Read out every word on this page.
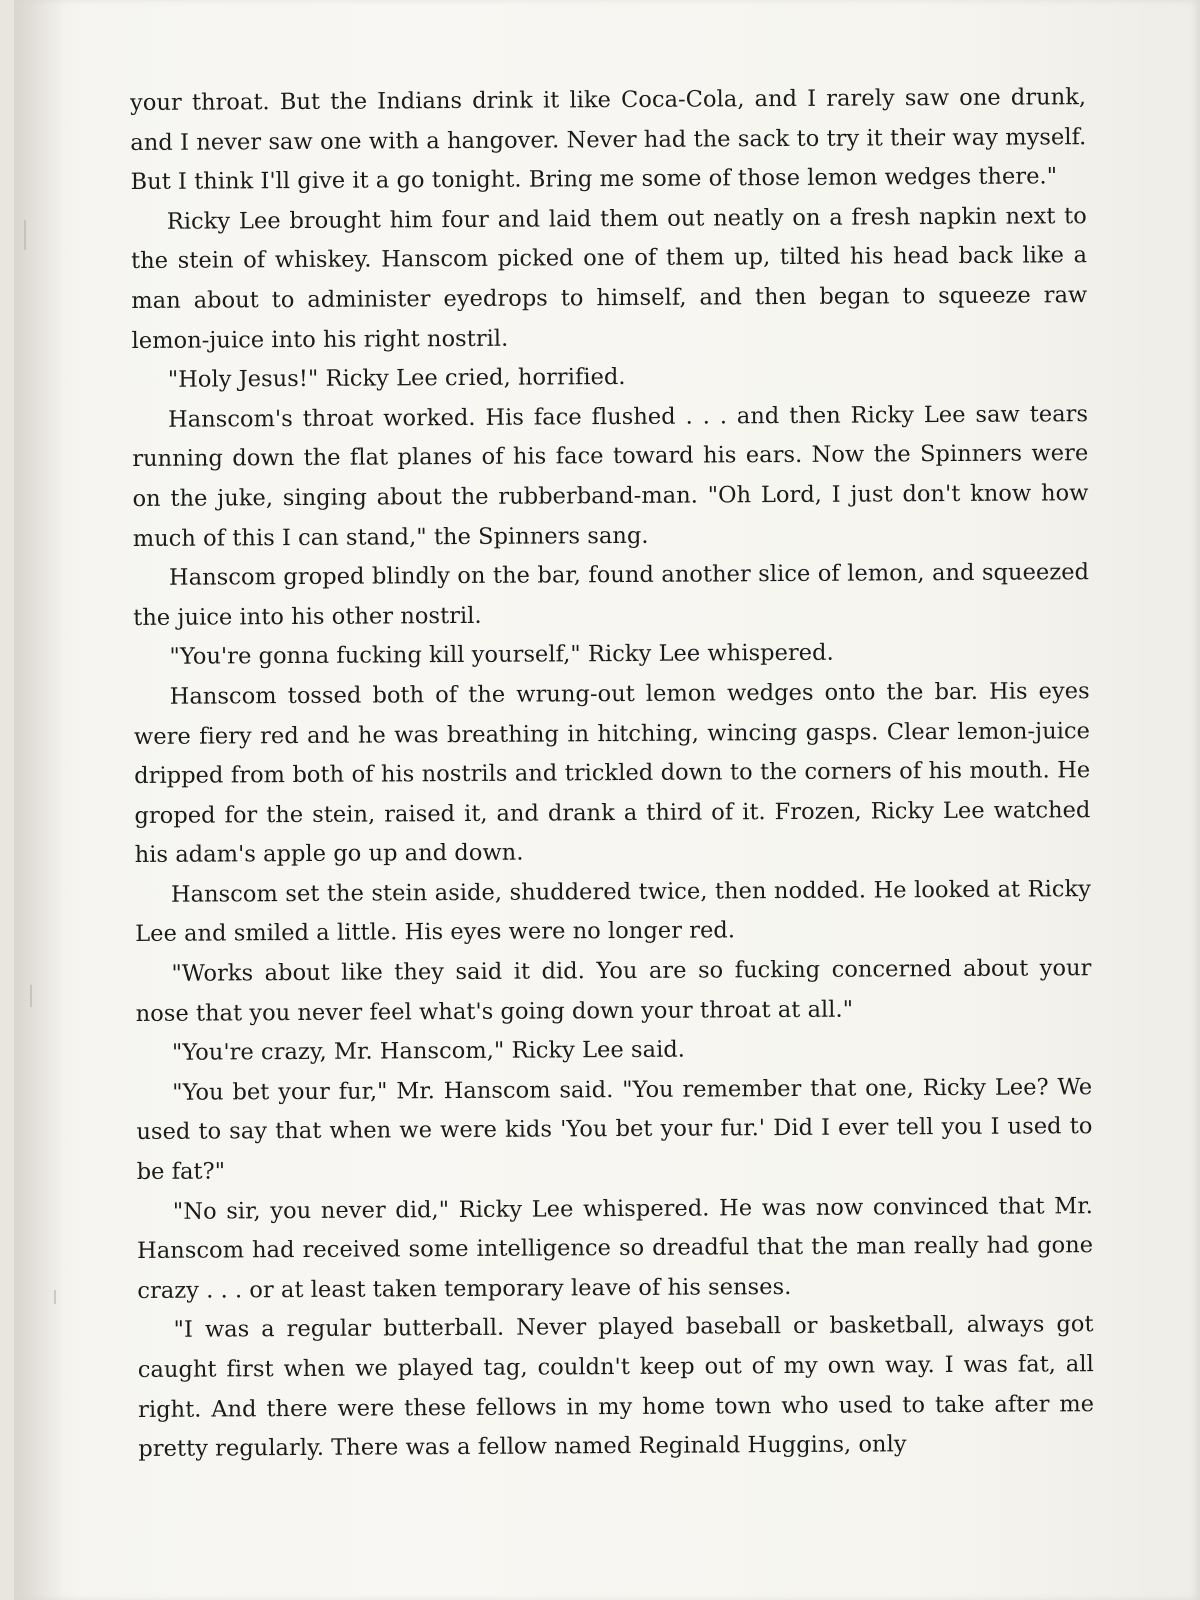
your throat. But the Indians drink it like Coca-Cola, and I rarely saw one drunk, and I never saw one with a hangover. Never had the sack to try it their way myself. But I think I'll give it a go tonight. Bring me some of those lemon wedges there."

Ricky Lee brought him four and laid them out neatly on a fresh napkin next to the stein of whiskey. Hanscom picked one of them up, tilted his head back like a man about to administer eyedrops to himself, and then began to squeeze raw lemon-juice into his right nostril.

"Holy Jesus!" Ricky Lee cried, horrified.

Hanscom's throat worked. His face flushed . . . and then Ricky Lee saw tears running down the flat planes of his face toward his ears. Now the Spinners were on the juke, singing about the rubberband-man. "Oh Lord, I just don't know how much of this I can stand," the Spinners sang.

Hanscom groped blindly on the bar, found another slice of lemon, and squeezed the juice into his other nostril.

"You're gonna fucking kill yourself," Ricky Lee whispered.

Hanscom tossed both of the wrung-out lemon wedges onto the bar. His eyes were fiery red and he was breathing in hitching, wincing gasps. Clear lemon-juice dripped from both of his nostrils and trickled down to the corners of his mouth. He groped for the stein, raised it, and drank a third of it. Frozen, Ricky Lee watched his adam's apple go up and down.

Hanscom set the stein aside, shuddered twice, then nodded. He looked at Ricky Lee and smiled a little. His eyes were no longer red.

"Works about like they said it did. You are so fucking concerned about your nose that you never feel what's going down your throat at all."

"You're crazy, Mr. Hanscom," Ricky Lee said.

"You bet your fur," Mr. Hanscom said. "You remember that one, Ricky Lee? We used to say that when we were kids 'You bet your fur.' Did I ever tell you I used to be fat?"

"No sir, you never did," Ricky Lee whispered. He was now convinced that Mr. Hanscom had received some intelligence so dreadful that the man really had gone crazy . . . or at least taken temporary leave of his senses.

"I was a regular butterball. Never played baseball or basketball, always got caught first when we played tag, couldn't keep out of my own way. I was fat, all right. And there were these fellows in my home town who used to take after me pretty regularly. There was a fellow named Reginald Huggins, only
